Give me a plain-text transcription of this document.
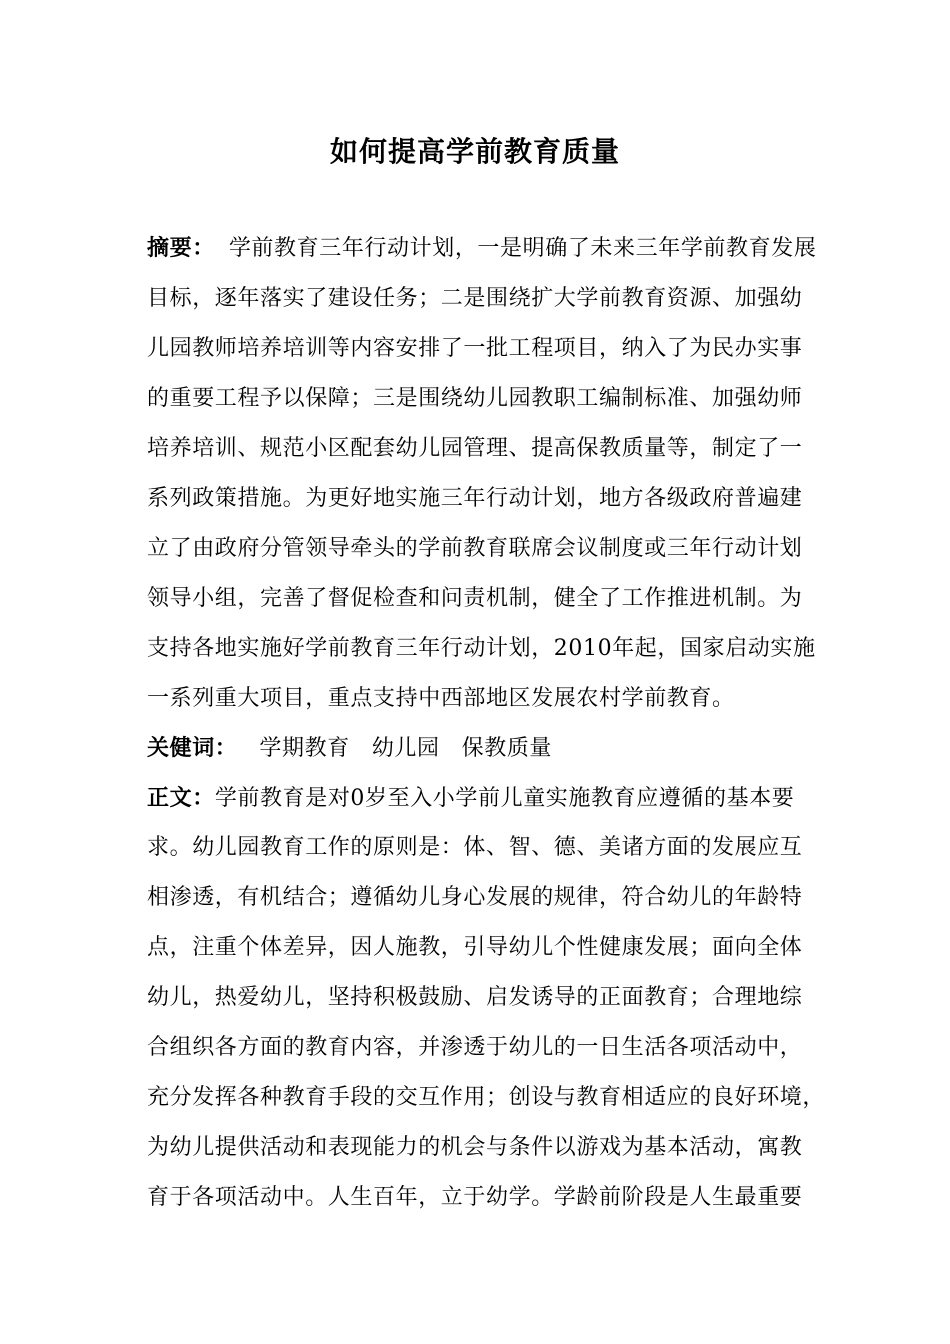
如何提高学前教育质量
摘要： 学前教育三年行动计划，一是明确了未来三年学前教育发展
目标，逐年落实了建设任务；二是围绕扩大学前教育资源、加强幼
儿园教师培养培训等内容安排了一批工程项目，纳入了为民办实事
的重要工程予以保障；三是围绕幼儿园教职工编制标准、加强幼师
培养培训、规范小区配套幼儿园管理、提高保教质量等，制定了一
系列政策措施。为更好地实施三年行动计划，地方各级政府普遍建
立了由政府分管领导牵头的学前教育联席会议制度或三年行动计划
领导小组，完善了督促检查和问责机制，健全了工作推进机制。为
支持各地实施好学前教育三年行动计划，2010年起，国家启动实施
一系列重大项目，重点支持中西部地区发展农村学前教育。
关健词： 学期教育 幼儿园 保教质量
正文：学前教育是对0岁至入小学前儿童实施教育应遵循的基本要
求。幼儿园教育工作的原则是：体、智、德、美诸方面的发展应互
相渗透，有机结合；遵循幼儿身心发展的规律，符合幼儿的年龄特
点，注重个体差异，因人施教，引导幼儿个性健康发展；面向全体
幼儿，热爱幼儿，坚持积极鼓励、启发诱导的正面教育；合理地综
合组织各方面的教育内容，并渗透于幼儿的一日生活各项活动中，
充分发挥各种教育手段的交互作用；创设与教育相适应的良好环境，
为幼儿提供活动和表现能力的机会与条件以游戏为基本活动，寓教
育于各项活动中。人生百年，立于幼学。学龄前阶段是人生最重要
